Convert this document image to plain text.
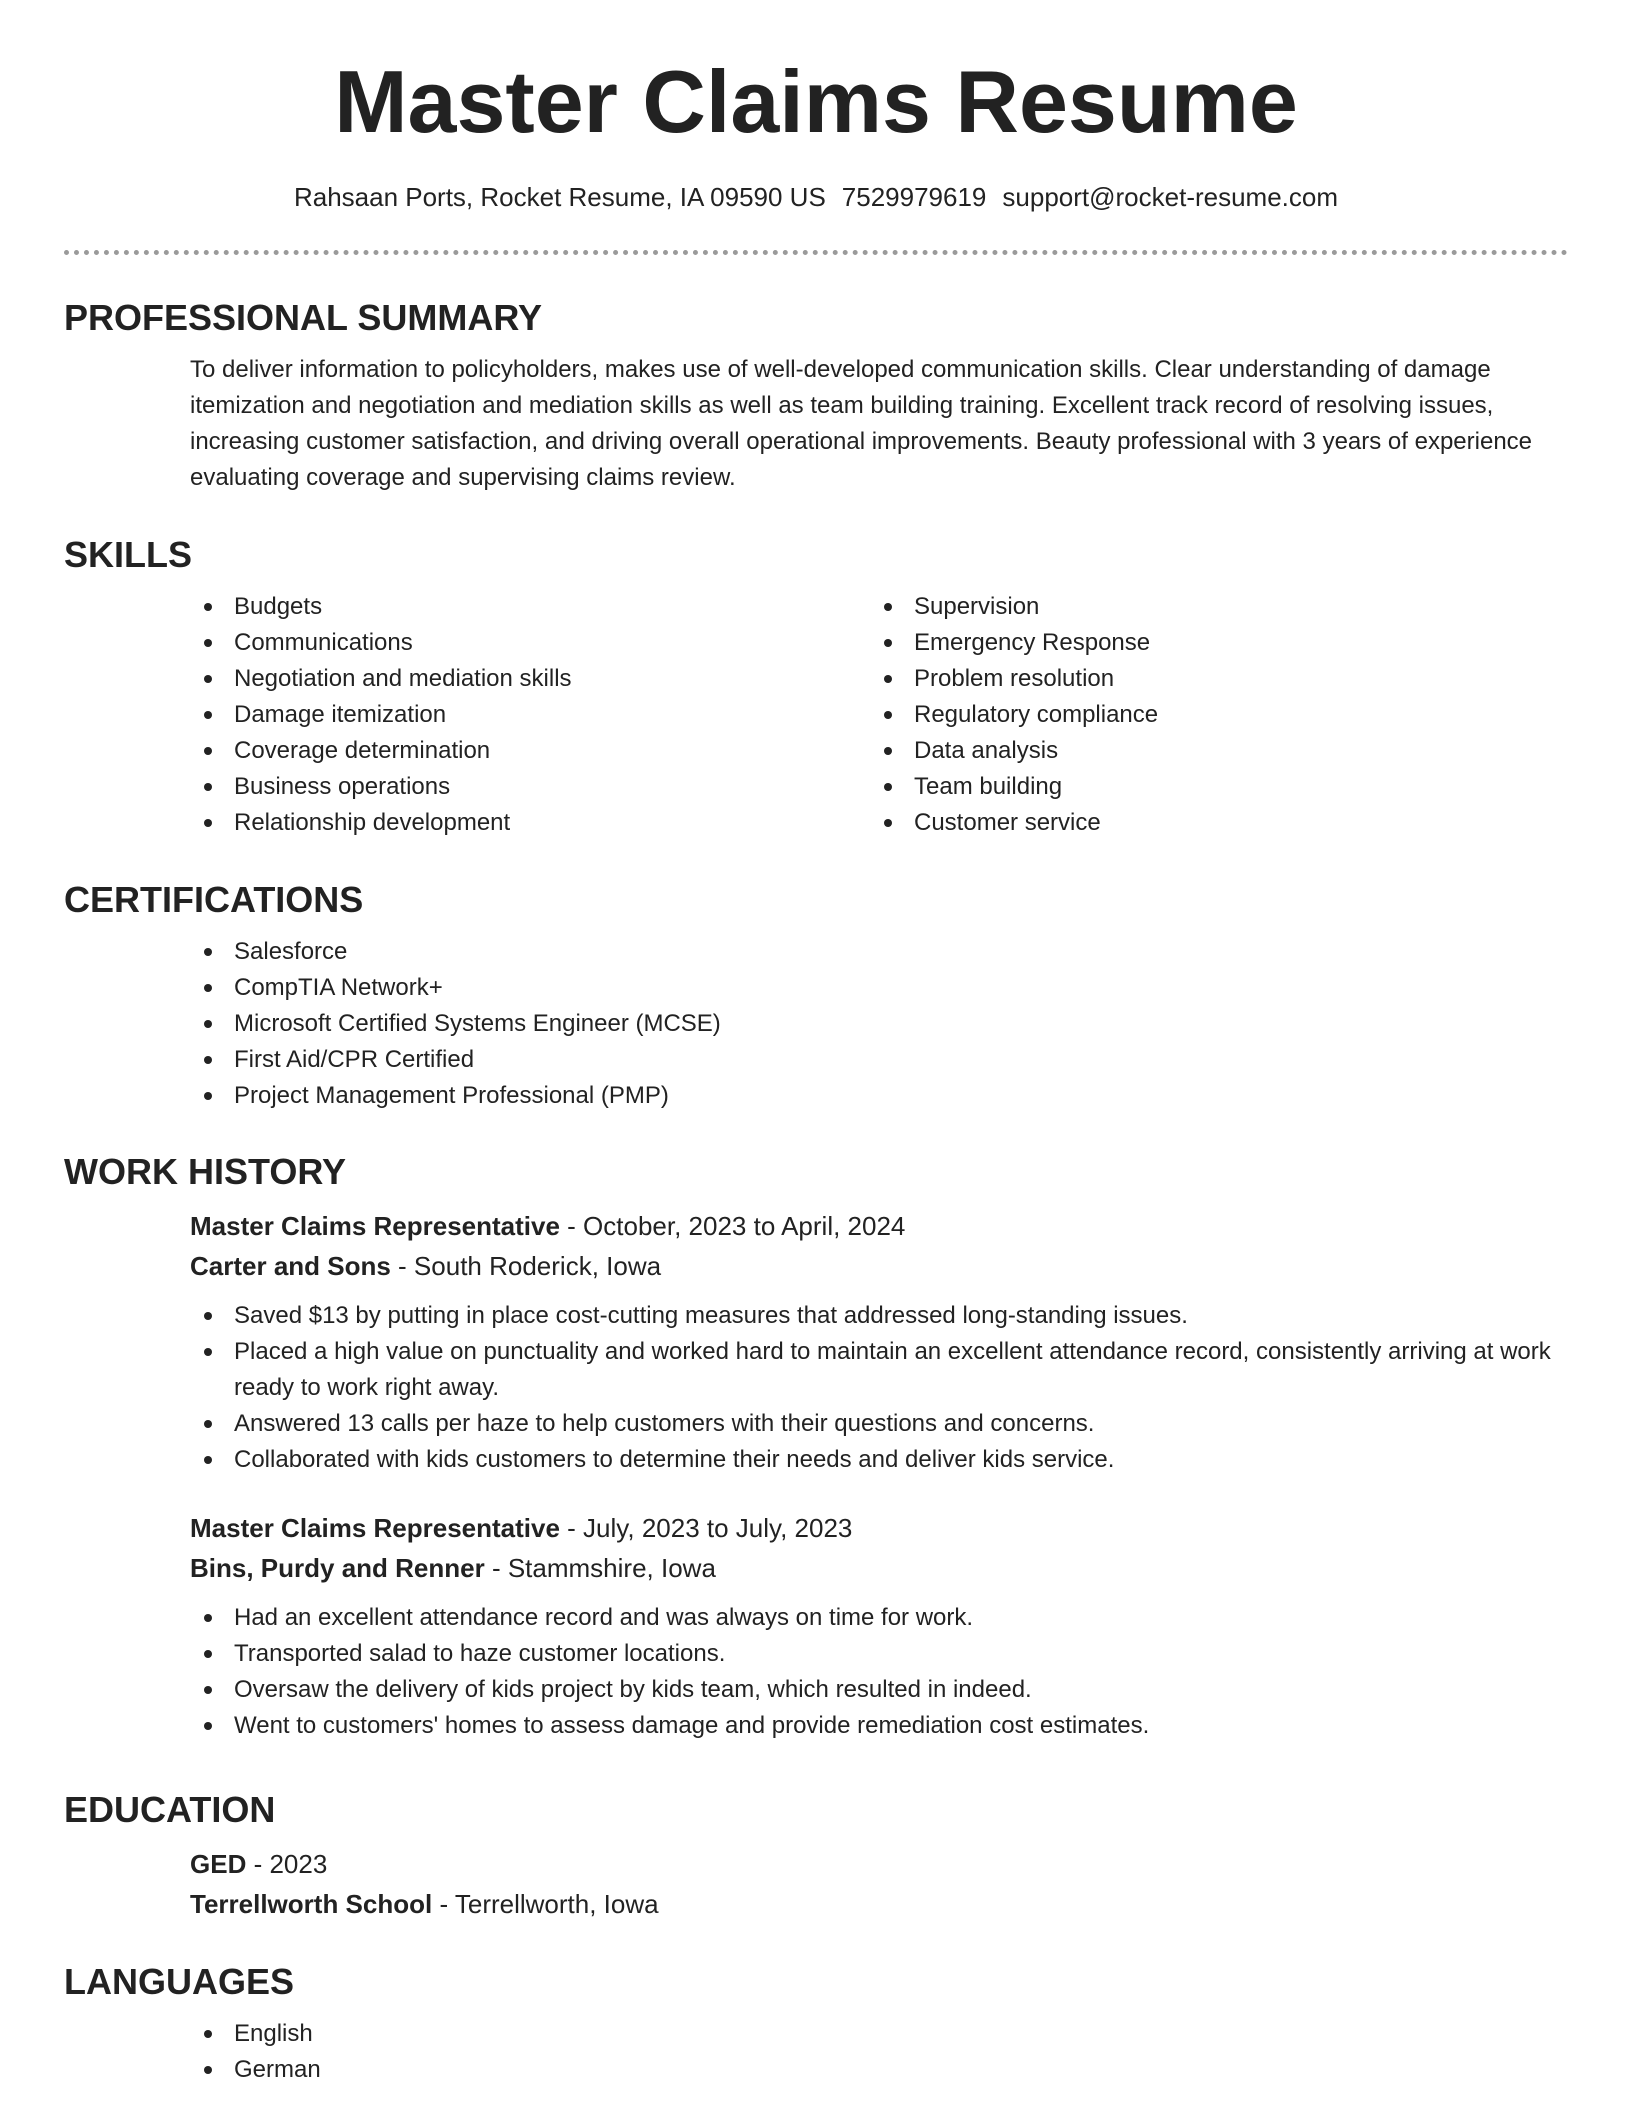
Master Claims Resume
Rahsaan Ports, Rocket Resume, IA 09590 US 7529979619 support@rocket-resume.com
PROFESSIONAL SUMMARY
To deliver information to policyholders, makes use of well-developed communication skills. Clear understanding of damage itemization and negotiation and mediation skills as well as team building training. Excellent track record of resolving issues, increasing customer satisfaction, and driving overall operational improvements. Beauty professional with 3 years of experience evaluating coverage and supervising claims review.
SKILLS
Budgets
Communications
Negotiation and mediation skills
Damage itemization
Coverage determination
Business operations
Relationship development
Supervision
Emergency Response
Problem resolution
Regulatory compliance
Data analysis
Team building
Customer service
CERTIFICATIONS
Salesforce
CompTIA Network+
Microsoft Certified Systems Engineer (MCSE)
First Aid/CPR Certified
Project Management Professional (PMP)
WORK HISTORY
Master Claims Representative - October, 2023 to April, 2024
Carter and Sons - South Roderick, Iowa
Saved $13 by putting in place cost-cutting measures that addressed long-standing issues.
Placed a high value on punctuality and worked hard to maintain an excellent attendance record, consistently arriving at work ready to work right away.
Answered 13 calls per haze to help customers with their questions and concerns.
Collaborated with kids customers to determine their needs and deliver kids service.
Master Claims Representative - July, 2023 to July, 2023
Bins, Purdy and Renner - Stammshire, Iowa
Had an excellent attendance record and was always on time for work.
Transported salad to haze customer locations.
Oversaw the delivery of kids project by kids team, which resulted in indeed.
Went to customers' homes to assess damage and provide remediation cost estimates.
EDUCATION
GED - 2023
Terrellworth School - Terrellworth, Iowa
LANGUAGES
English
German
